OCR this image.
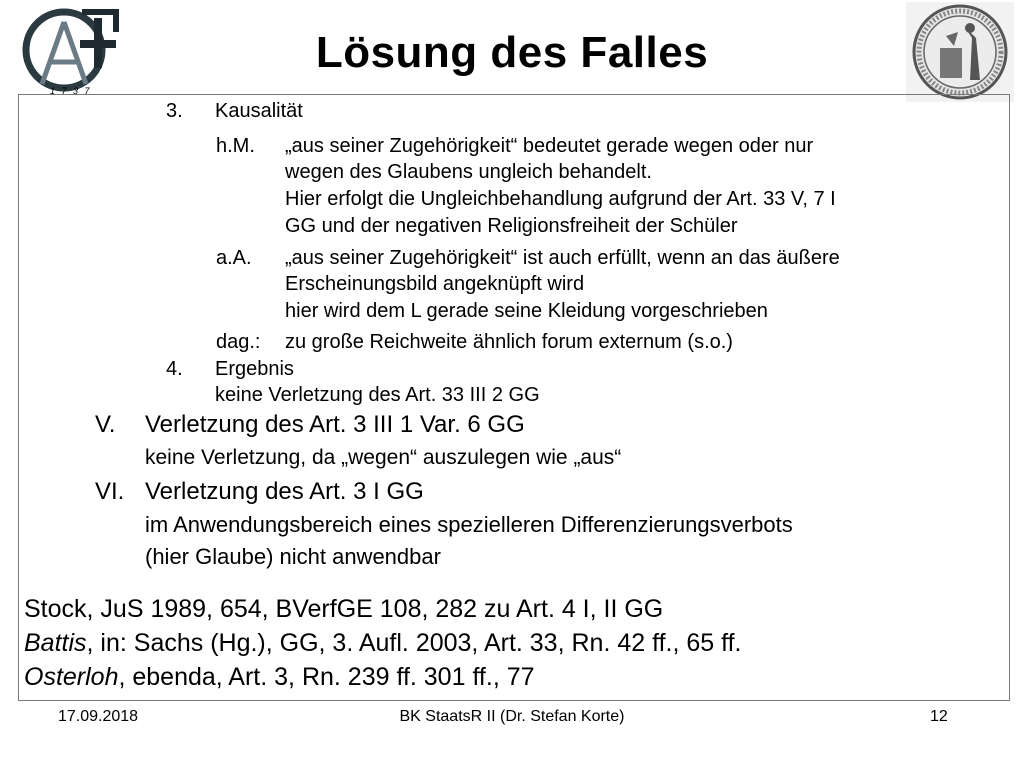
1 7 3 7
Lösung des Falles
3. Kausalität
h.M. „aus seiner Zugehörigkeit“ bedeutet gerade wegen oder nur
wegen des Glaubens ungleich behandelt.
Hier erfolgt die Ungleichbehandlung aufgrund der Art. 33 V, 7 I
GG und der negativen Religionsfreiheit der Schüler
a.A. „aus seiner Zugehörigkeit“ ist auch erfüllt, wenn an das äußere
Erscheinungsbild angeknüpft wird
hier wird dem L gerade seine Kleidung vorgeschrieben
dag.: zu große Reichweite ähnlich forum externum (s.o.)
4. Ergebnis
keine Verletzung des Art. 33 III 2 GG
V. Verletzung des Art. 3 III 1 Var. 6 GG
keine Verletzung, da „wegen“ auszulegen wie „aus“
VI. Verletzung des Art. 3 I GG
im Anwendungsbereich eines spezielleren Differenzierungsverbots
(hier Glaube) nicht anwendbar
Stock, JuS 1989, 654, BVerfGE 108, 282 zu Art. 4 I, II GG
Battis, in: Sachs (Hg.), GG, 3. Aufl. 2003, Art. 33, Rn. 42 ff., 65 ff.
Osterloh, ebenda, Art. 3, Rn. 239 ff. 301 ff., 77
17.09.2018	BK StaatsR II (Dr. Stefan Korte)	12
